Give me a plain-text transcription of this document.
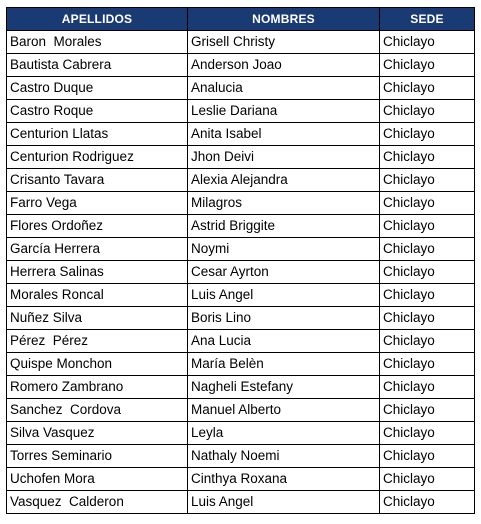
APELLIDOS	NOMBRES	SEDE
Baron  Morales	Grisell Christy	Chiclayo
Bautista Cabrera	Anderson Joao	Chiclayo
Castro Duque	Analucia	Chiclayo
Castro Roque	Leslie Dariana	Chiclayo
Centurion Llatas	Anita Isabel	Chiclayo
Centurion Rodriguez	Jhon Deivi	Chiclayo
Crisanto Tavara	Alexia Alejandra	Chiclayo
Farro Vega	Milagros	Chiclayo
Flores Ordoñez	Astrid Briggite	Chiclayo
García Herrera	Noymi	Chiclayo
Herrera Salinas	Cesar Ayrton	Chiclayo
Morales Roncal	Luis Angel	Chiclayo
Nuñez Silva	Boris Lino	Chiclayo
Pérez  Pérez	Ana Lucia	Chiclayo
Quispe Monchon	María Belèn	Chiclayo
Romero Zambrano	Nagheli Estefany	Chiclayo
Sanchez  Cordova	Manuel Alberto	Chiclayo
Silva Vasquez	Leyla	Chiclayo
Torres Seminario	Nathaly Noemi	Chiclayo
Uchofen Mora	Cinthya Roxana	Chiclayo
Vasquez  Calderon	Luis Angel	Chiclayo
